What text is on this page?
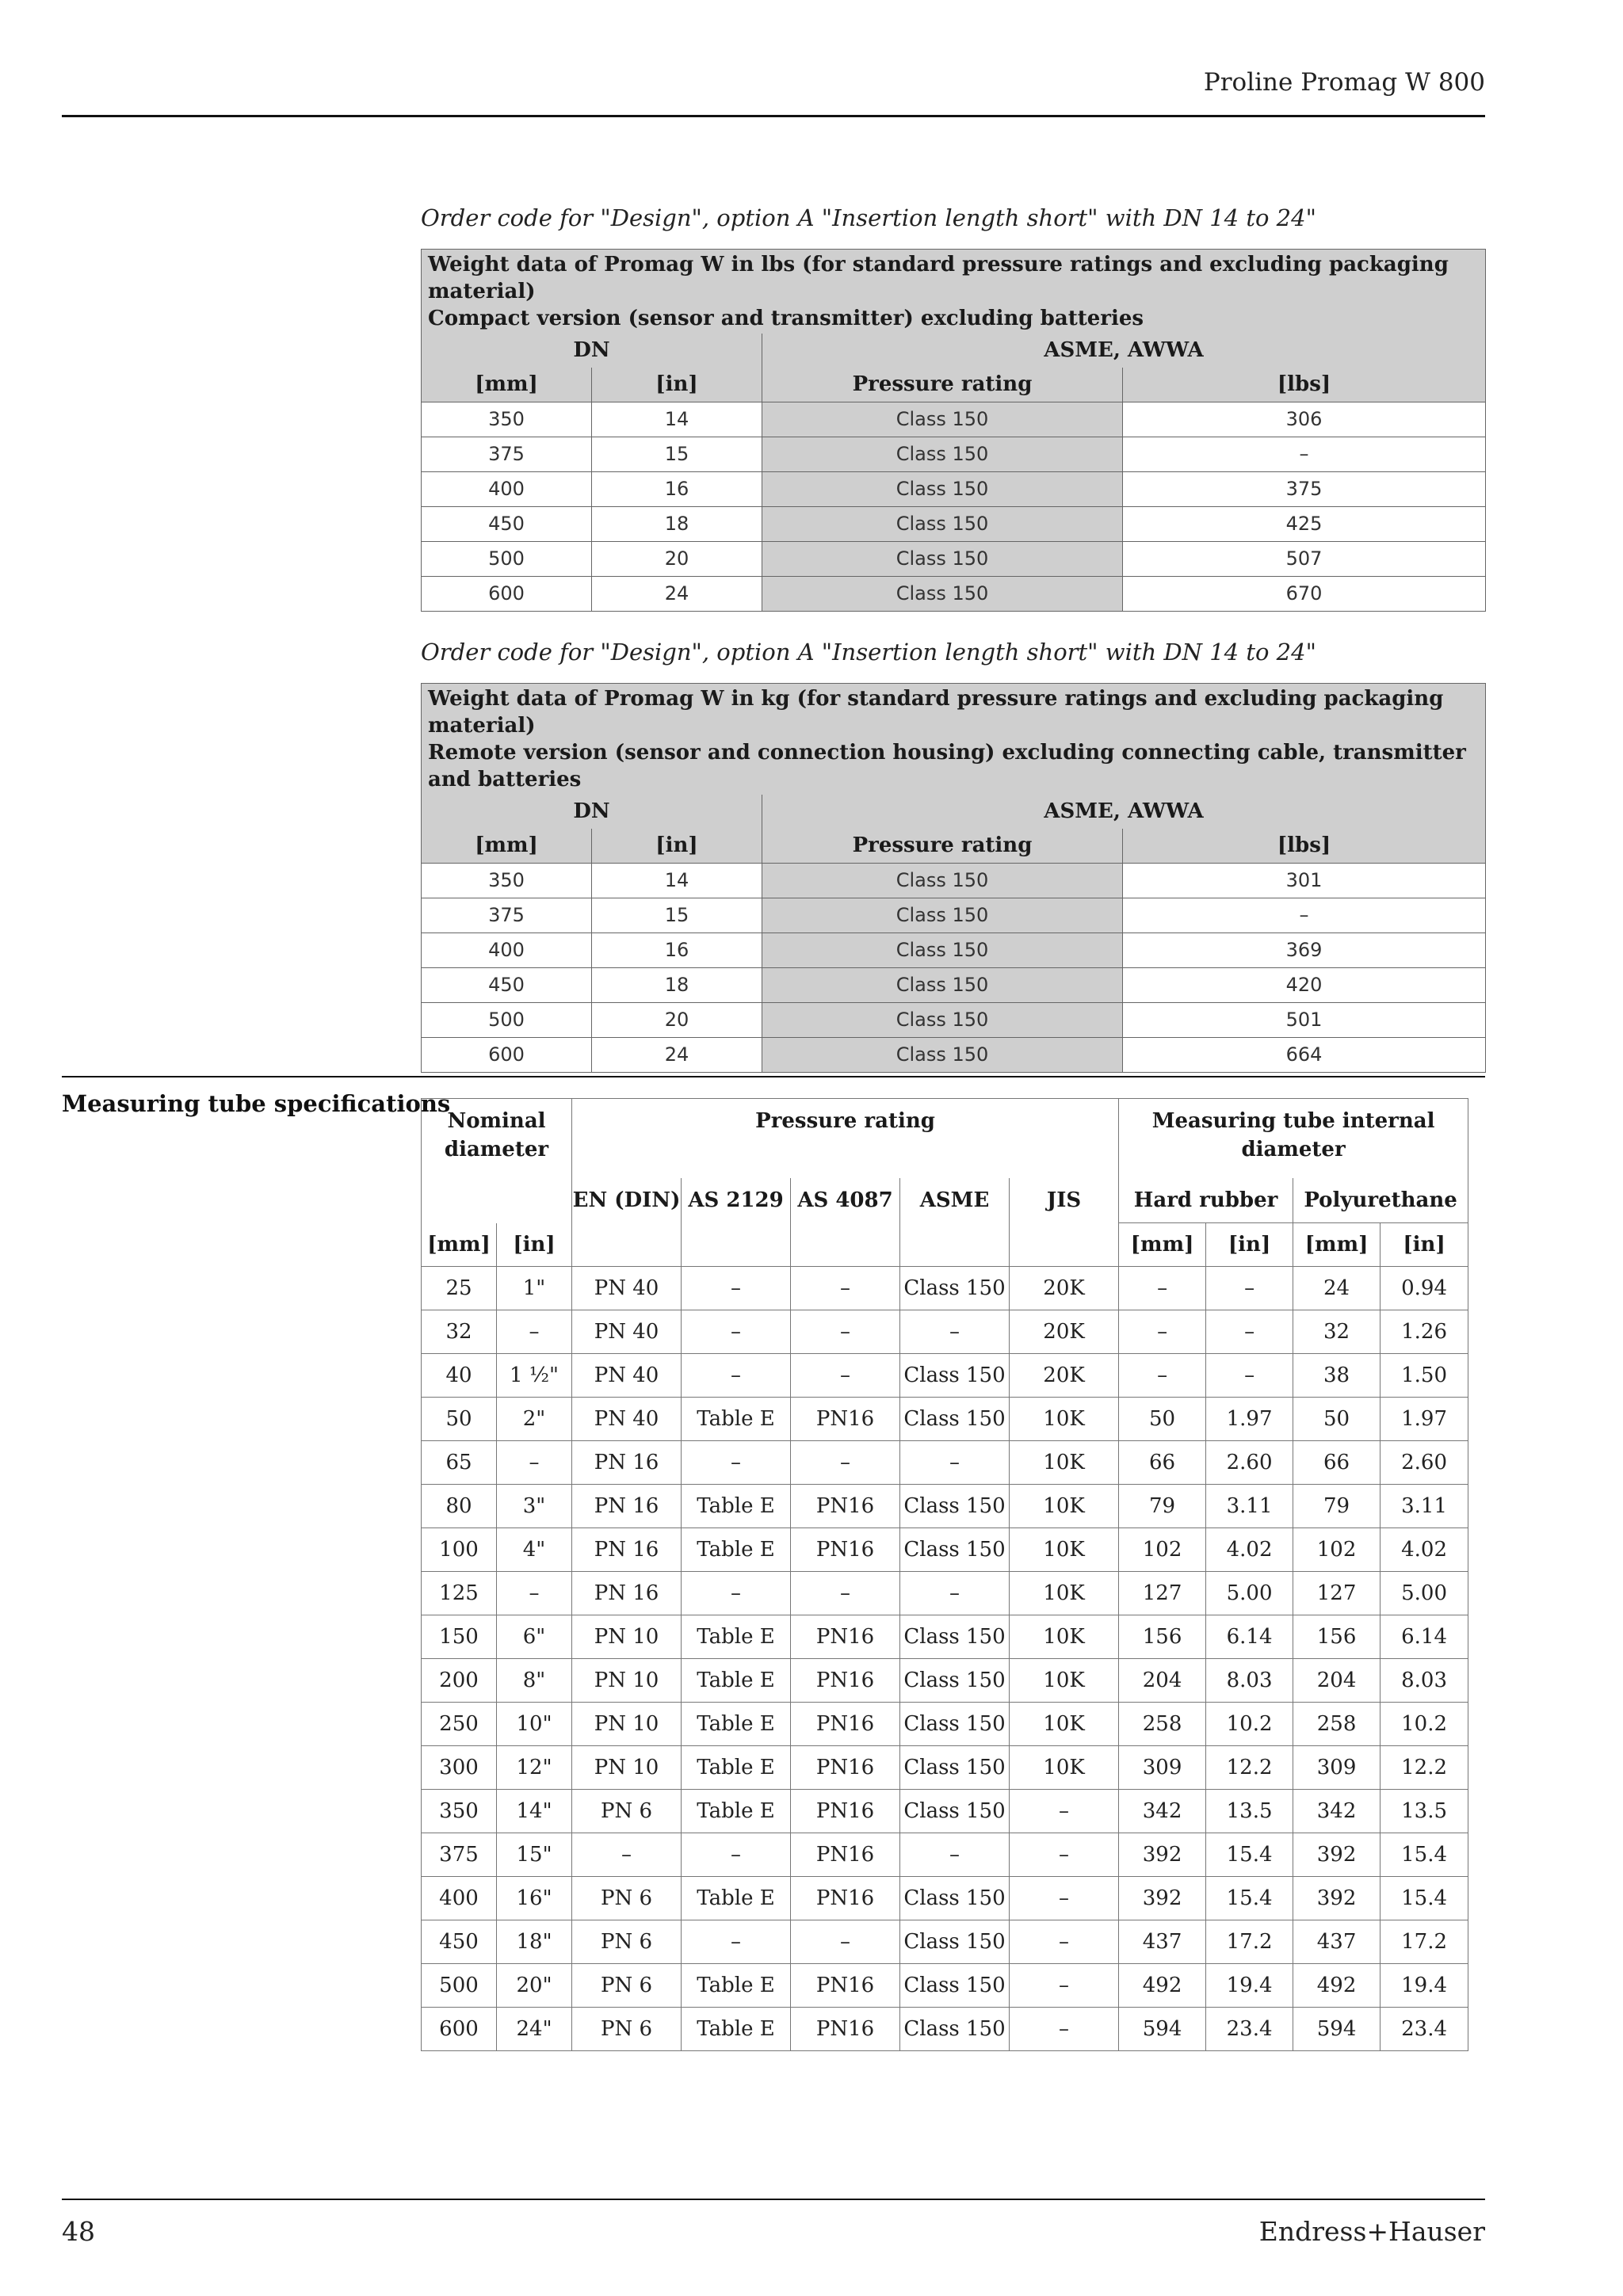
Proline Promag W 800
Order code for "Design", option A "Insertion length short" with DN 14 to 24"
Weight data of Promag W in lbs (for standard pressure ratings and excluding packaging material)
Compact version (sensor and transmitter) excluding batteries			

DN		ASME, AWWA	
[mm]	[in]	Pressure rating	[lbs]
350	14	Class 150	306
375	15	Class 150	–
400	16	Class 150	375
450	18	Class 150	425
500	20	Class 150	507
600	24	Class 150	670
Order code for "Design", option A "Insertion length short" with DN 14 to 24"
Weight data of Promag W in kg (for standard pressure ratings and excluding packaging material)
Remote version (sensor and connection housing) excluding connecting cable, transmitter and batteries			

DN		ASME, AWWA	
[mm]	[in]	Pressure rating	[lbs]
350	14	Class 150	301
375	15	Class 150	–
400	16	Class 150	369
450	18	Class 150	420
500	20	Class 150	501
600	24	Class 150	664
Measuring tube specifications
Nominal diameter		Pressure rating					Measuring tube internal diameter			
		EN (DIN)	AS 2129	AS 4087	ASME	JIS	Hard rubber		Polyurethane	
[mm]	[in]						[mm]	[in]	[mm]	[in]
25	1"	PN 40	–	–	Class 150	20K	–	–	24	0.94
32	–	PN 40	–	–	–	20K	–	–	32	1.26
40	1 ½"	PN 40	–	–	Class 150	20K	–	–	38	1.50
50	2"	PN 40	Table E	PN16	Class 150	10K	50	1.97	50	1.97
65	–	PN 16	–	–	–	10K	66	2.60	66	2.60
80	3"	PN 16	Table E	PN16	Class 150	10K	79	3.11	79	3.11
100	4"	PN 16	Table E	PN16	Class 150	10K	102	4.02	102	4.02
125	–	PN 16	–	–	–	10K	127	5.00	127	5.00
150	6"	PN 10	Table E	PN16	Class 150	10K	156	6.14	156	6.14
200	8"	PN 10	Table E	PN16	Class 150	10K	204	8.03	204	8.03
250	10"	PN 10	Table E	PN16	Class 150	10K	258	10.2	258	10.2
300	12"	PN 10	Table E	PN16	Class 150	10K	309	12.2	309	12.2
350	14"	PN 6	Table E	PN16	Class 150	–	342	13.5	342	13.5
375	15"	–	–	PN16	–	–	392	15.4	392	15.4
400	16"	PN 6	Table E	PN16	Class 150	–	392	15.4	392	15.4
450	18"	PN 6	–	–	Class 150	–	437	17.2	437	17.2
500	20"	PN 6	Table E	PN16	Class 150	–	492	19.4	492	19.4
600	24"	PN 6	Table E	PN16	Class 150	–	594	23.4	594	23.4
48	Endress+Hauser
